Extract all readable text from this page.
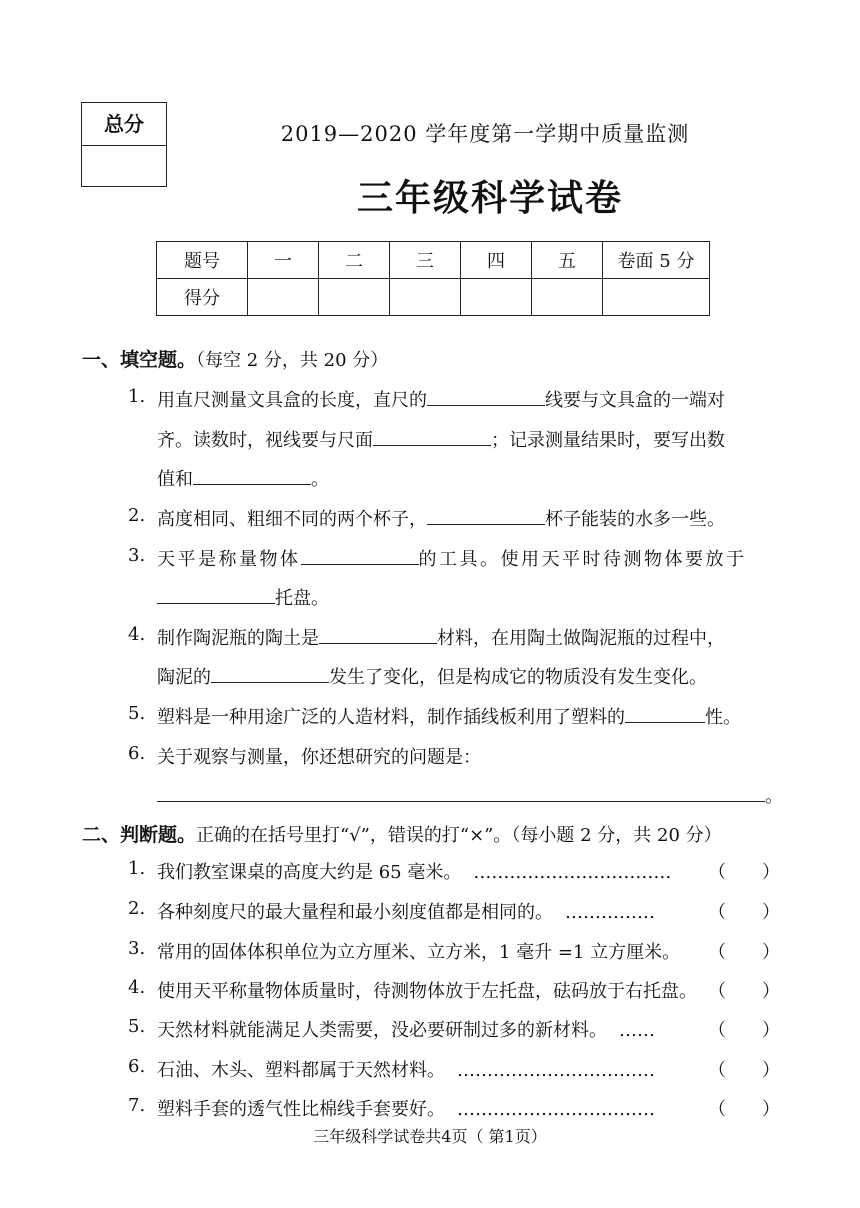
总分	2019—2020 学年度第一学期中质量监测
三年级科学试卷
题号	一	二	三	四	五	卷面 5 分
得分						
一、填空题。（每空 2 分，共 20 分）
1. 用直尺测量文具盒的长度，直尺的	线要与文具盒的一端对
齐。读数时，视线要与尺面	；记录测量结果时，要写出数
值和	。
2. 高度相同、粗细不同的两个杯子，	杯子能装的水多一些。
3. 天平是称量物体	的工具。使用天平时待测物体要放于
托盘。
4. 制作陶泥瓶的陶土是	材料，在用陶土做陶泥瓶的过程中，
陶泥的	发生了变化，但是构成它的物质没有发生变化。
5. 塑料是一种用途广泛的人造材料，制作插线板利用了塑料的	性。
6. 关于观察与测量，你还想研究的问题是：
。
二、判断题。正确的在括号里打“√”，错误的打“×”。（每小题 2 分，共 20 分）
1. 我们教室课桌的高度大约是 65 毫米。 …………………………… （　　）
2. 各种刻度尺的最大量程和最小刻度值都是相同的。 ……………	（　　）
3. 常用的固体体积单位为立方厘米、立方米，1 毫升 =1 立方厘米。 （　　）
4. 使用天平称量物体质量时，待测物体放于左托盘，砝码放于右托盘。 （　　）
5. 天然材料就能满足人类需要，没必要研制过多的新材料。 ……	（　　）
6. 石油、木头、塑料都属于天然材料。 ……………………………	（　　）
7. 塑料手套的透气性比棉线手套要好。 ……………………………	（　　）
三年级科学试卷共4页（ 第1页）
